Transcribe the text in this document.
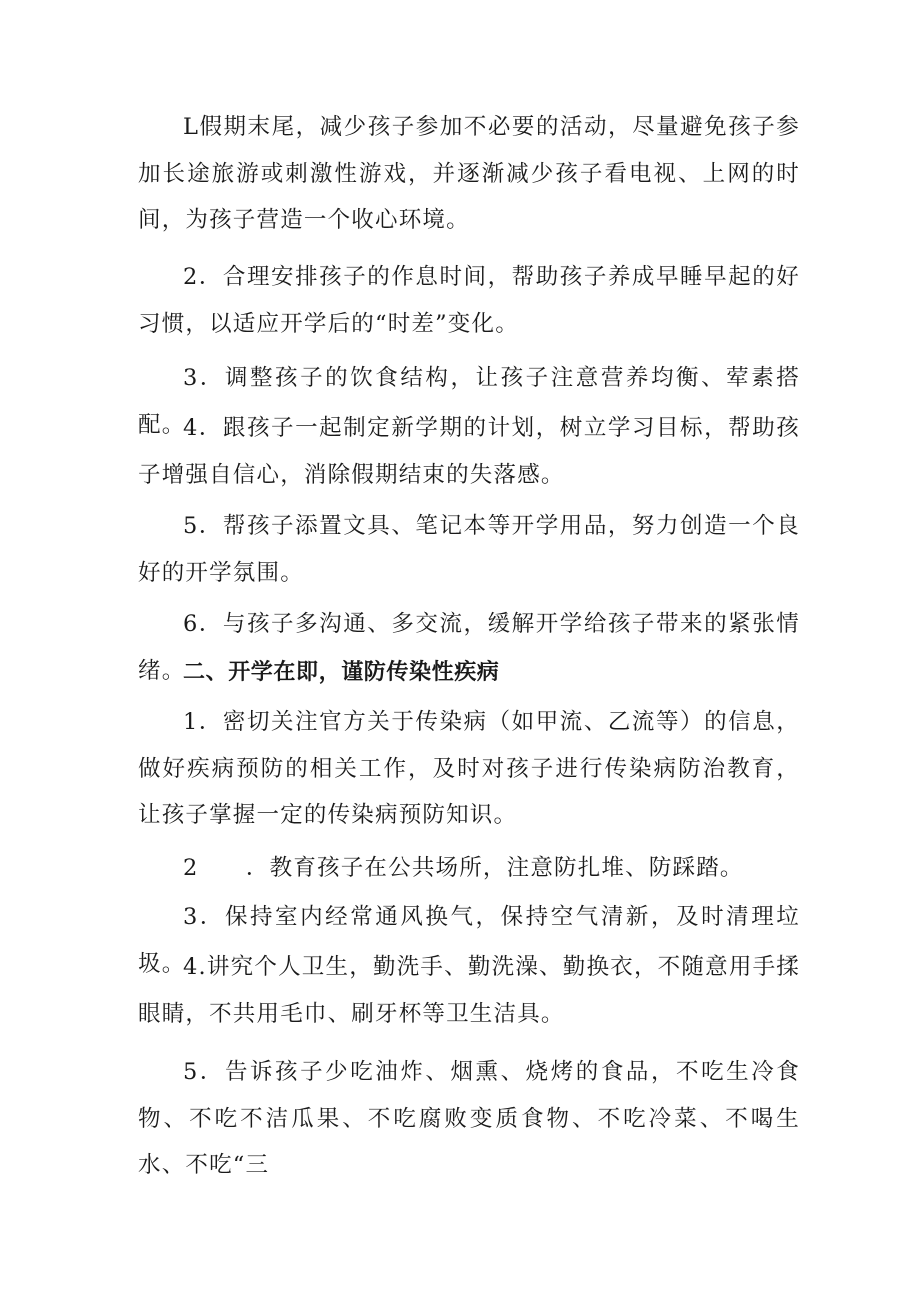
L假期末尾，减少孩子参加不必要的活动，尽量避免孩子参加长途旅游或刺激性游戏，并逐渐减少孩子看电视、上网的时间，为孩子营造一个收心环境。

2．合理安排孩子的作息时间，帮助孩子养成早睡早起的好习惯，以适应开学后的“时差”变化。

3．调整孩子的饮食结构，让孩子注意营养均衡、荤素搭配。

4．跟孩子一起制定新学期的计划，树立学习目标，帮助孩子增强自信心，消除假期结束的失落感。

5．帮孩子添置文具、笔记本等开学用品，努力创造一个良好的开学氛围。

6．与孩子多沟通、多交流，缓解开学给孩子带来的紧张情绪。

二、开学在即，谨防传染性疾病

1．密切关注官方关于传染病（如甲流、乙流等）的信息，做好疾病预防的相关工作，及时对孩子进行传染病防治教育，让孩子掌握一定的传染病预防知识。

2　　．教育孩子在公共场所，注意防扎堆、防踩踏。

3．保持室内经常通风换气，保持空气清新，及时清理垃圾。

4.讲究个人卫生，勤洗手、勤洗澡、勤换衣，不随意用手揉眼睛，不共用毛巾、刷牙杯等卫生洁具。

5．告诉孩子少吃油炸、烟熏、烧烤的食品，不吃生冷食物、不吃不洁瓜果、不吃腐败变质食物、不吃冷菜、不喝生水、不吃“三
